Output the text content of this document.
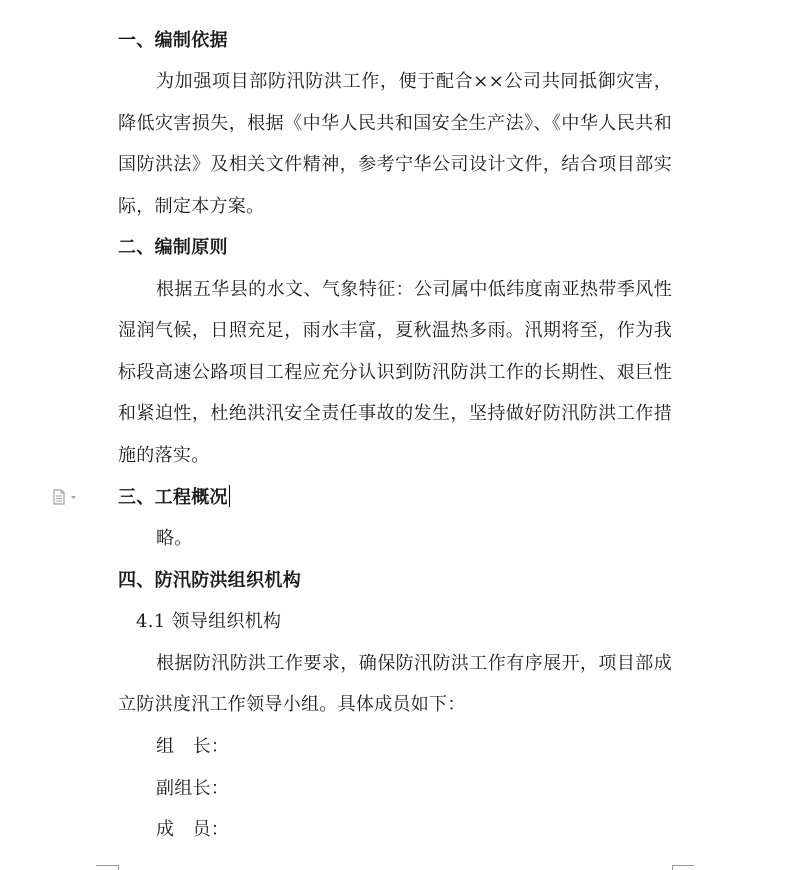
一、编制依据
为加强项目部防汛防洪工作，便于配合××公司共同抵御灾害，
降低灾害损失，根据《中华人民共和国安全生产法》、《中华人民共和
国防洪法》及相关文件精神，参考宁华公司设计文件，结合项目部实
际，制定本方案。
二、编制原则
根据五华县的水文、气象特征：公司属中低纬度南亚热带季风性
湿润气候，日照充足，雨水丰富，夏秋温热多雨。汛期将至，作为我
标段高速公路项目工程应充分认识到防汛防洪工作的长期性、艰巨性
和紧迫性，杜绝洪汛安全责任事故的发生，坚持做好防汛防洪工作措
施的落实。
三、工程概况
略。
四、防汛防洪组织机构
4.1 领导组织机构
根据防汛防洪工作要求，确保防汛防洪工作有序展开，项目部成
立防洪度汛工作领导小组。具体成员如下：
组　长：
副组长：
成　员：
